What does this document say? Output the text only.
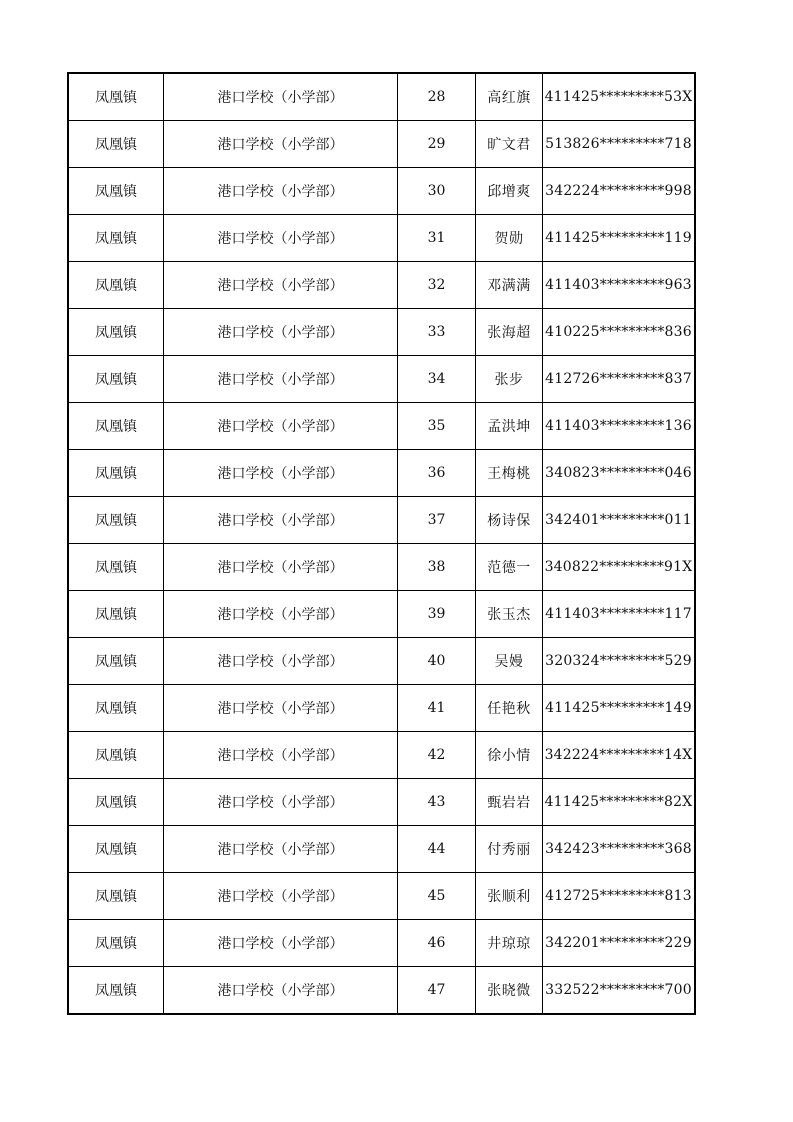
凤凰镇	港口学校（小学部）	28	高红旗	411425*********53X
凤凰镇	港口学校（小学部）	29	旷文君	513826*********718
凤凰镇	港口学校（小学部）	30	邱增爽	342224*********998
凤凰镇	港口学校（小学部）	31	贺勋	411425*********119
凤凰镇	港口学校（小学部）	32	邓满满	411403*********963
凤凰镇	港口学校（小学部）	33	张海超	410225*********836
凤凰镇	港口学校（小学部）	34	张步	412726*********837
凤凰镇	港口学校（小学部）	35	孟洪坤	411403*********136
凤凰镇	港口学校（小学部）	36	王梅桃	340823*********046
凤凰镇	港口学校（小学部）	37	杨诗保	342401*********011
凤凰镇	港口学校（小学部）	38	范德一	340822*********91X
凤凰镇	港口学校（小学部）	39	张玉杰	411403*********117
凤凰镇	港口学校（小学部）	40	吴嫚	320324*********529
凤凰镇	港口学校（小学部）	41	任艳秋	411425*********149
凤凰镇	港口学校（小学部）	42	徐小情	342224*********14X
凤凰镇	港口学校（小学部）	43	甄岩岩	411425*********82X
凤凰镇	港口学校（小学部）	44	付秀丽	342423*********368
凤凰镇	港口学校（小学部）	45	张顺利	412725*********813
凤凰镇	港口学校（小学部）	46	井琼琼	342201*********229
凤凰镇	港口学校（小学部）	47	张晓微	332522*********700
